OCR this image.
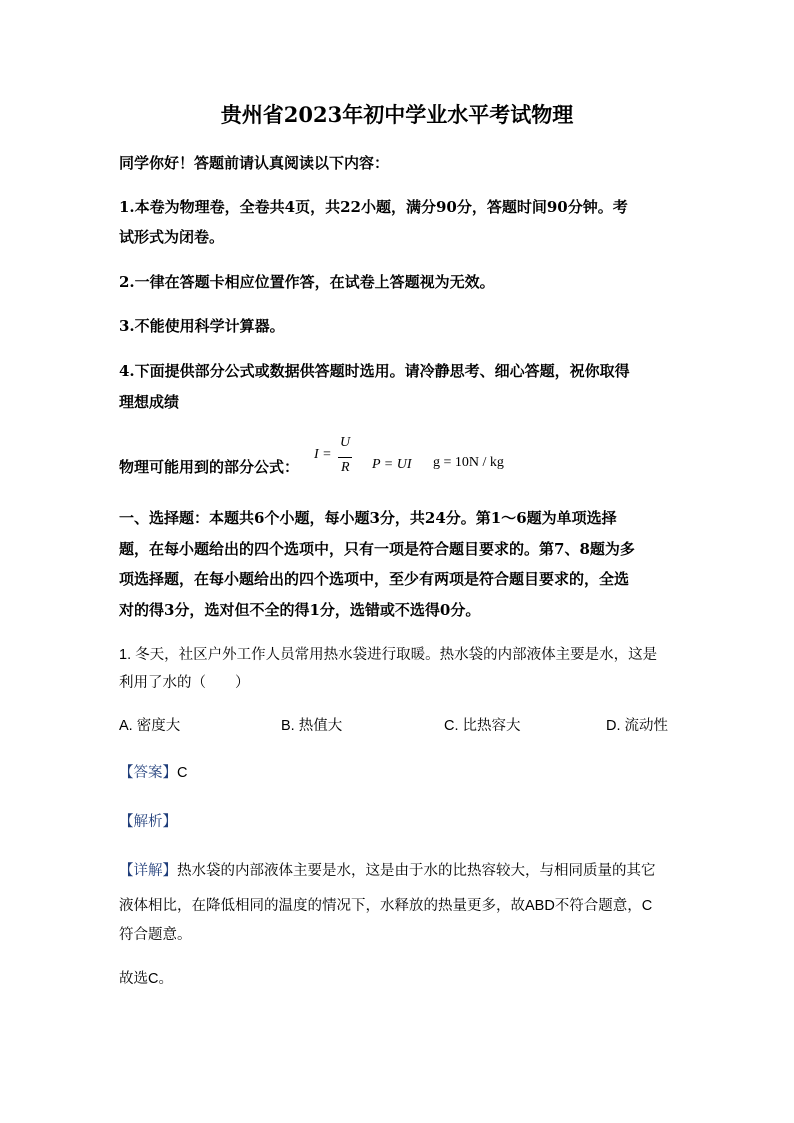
贵州省2023年初中学业水平考试物理
同学你好！答题前请认真阅读以下内容：
1.本卷为物理卷，全卷共4页，共22小题，满分90分，答题时间90分钟。考
试形式为闭卷。
2.一律在答题卡相应位置作答，在试卷上答题视为无效。
3.不能使用科学计算器。
4.下面提供部分公式或数据供答题时选用。请冷静思考、细心答题，祝你取得
理想成绩
物理可能用到的部分公式：
I =
U
R P = UI g = 10N / kg
一、选择题：本题共6个小题，每小题3分，共24分。第1～6题为单项选择
题，在每小题给出的四个选项中，只有一项是符合题目要求的。第7、8题为多
项选择题，在每小题给出的四个选项中，至少有两项是符合题目要求的，全选
对的得3分，选对但不全的得1分，选错或不选得0分。
1. 冬天，社区户外工作人员常用热水袋进行取暖。热水袋的内部液体主要是水，这是
利用了水的（　　）
A. 密度大	B. 热值大	C. 比热容大	D. 流动性
【答案】C
【解析】
【详解】热水袋的内部液体主要是水，这是由于水的比热容较大，与相同质量的其它
液体相比，在降低相同的温度的情况下，水释放的热量更多，故ABD不符合题意，C
符合题意。
故选C。
